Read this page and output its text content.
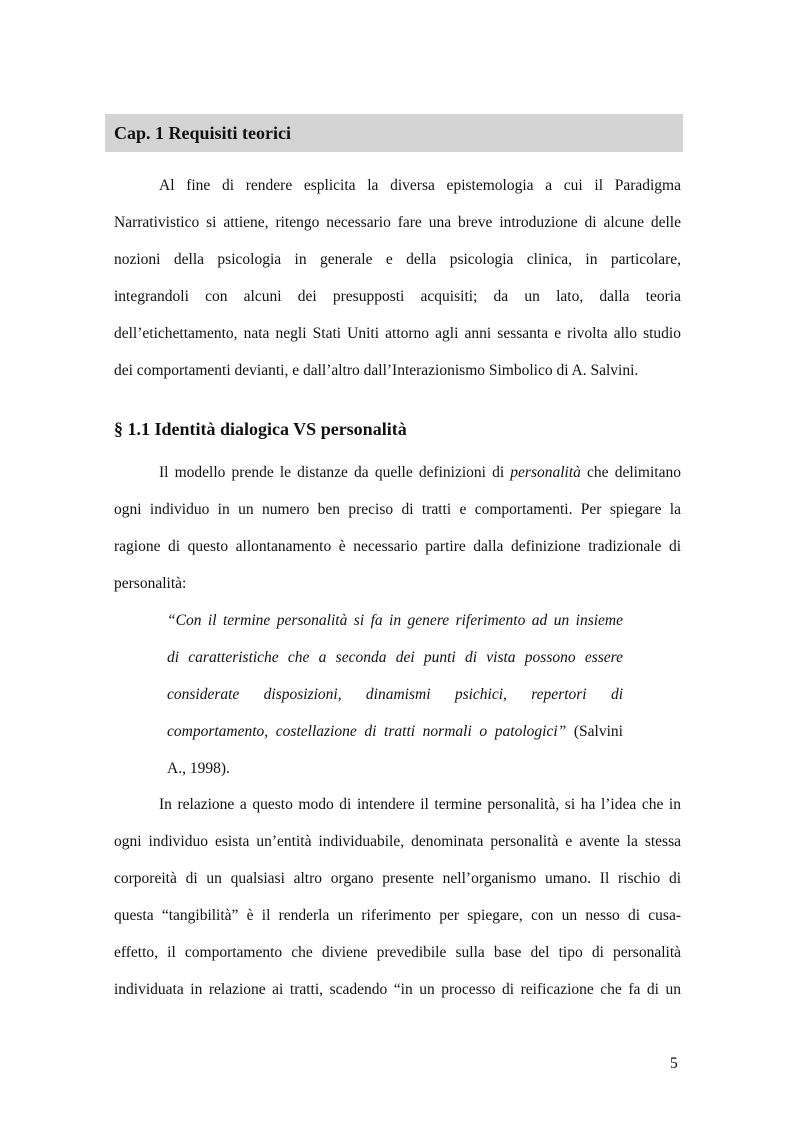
Cap. 1 Requisiti teorici

Al fine di rendere esplicita la diversa epistemologia a cui il Paradigma
Narrativistico si attiene, ritengo necessario fare una breve introduzione di alcune delle
nozioni della psicologia in generale e della psicologia clinica, in particolare,
integrandoli con alcuni dei presupposti acquisiti; da un lato, dalla teoria
dell’etichettamento, nata negli Stati Uniti attorno agli anni sessanta e rivolta allo studio
dei comportamenti devianti, e dall’altro dall’Interazionismo Simbolico di A. Salvini.

§ 1.1 Identità dialogica VS personalità

Il modello prende le distanze da quelle definizioni di personalità che delimitano
ogni individuo in un numero ben preciso di tratti e comportamenti. Per spiegare la
ragione di questo allontanamento è necessario partire dalla definizione tradizionale di
personalità:

“Con il termine personalità si fa in genere riferimento ad un insieme
di caratteristiche che a seconda dei punti di vista possono essere
considerate disposizioni, dinamismi psichici, repertori di
comportamento, costellazione di tratti normali o patologici” (Salvini
A., 1998).

In relazione a questo modo di intendere il termine personalità, si ha l’idea che in
ogni individuo esista un’entità individuabile, denominata personalità e avente la stessa
corporeità di un qualsiasi altro organo presente nell’organismo umano. Il rischio di
questa “tangibilità” è il renderla un riferimento per spiegare, con un nesso di cusa-
effetto, il comportamento che diviene prevedibile sulla base del tipo di personalità
individuata in relazione ai tratti, scadendo “in un processo di reificazione che fa di un

5
